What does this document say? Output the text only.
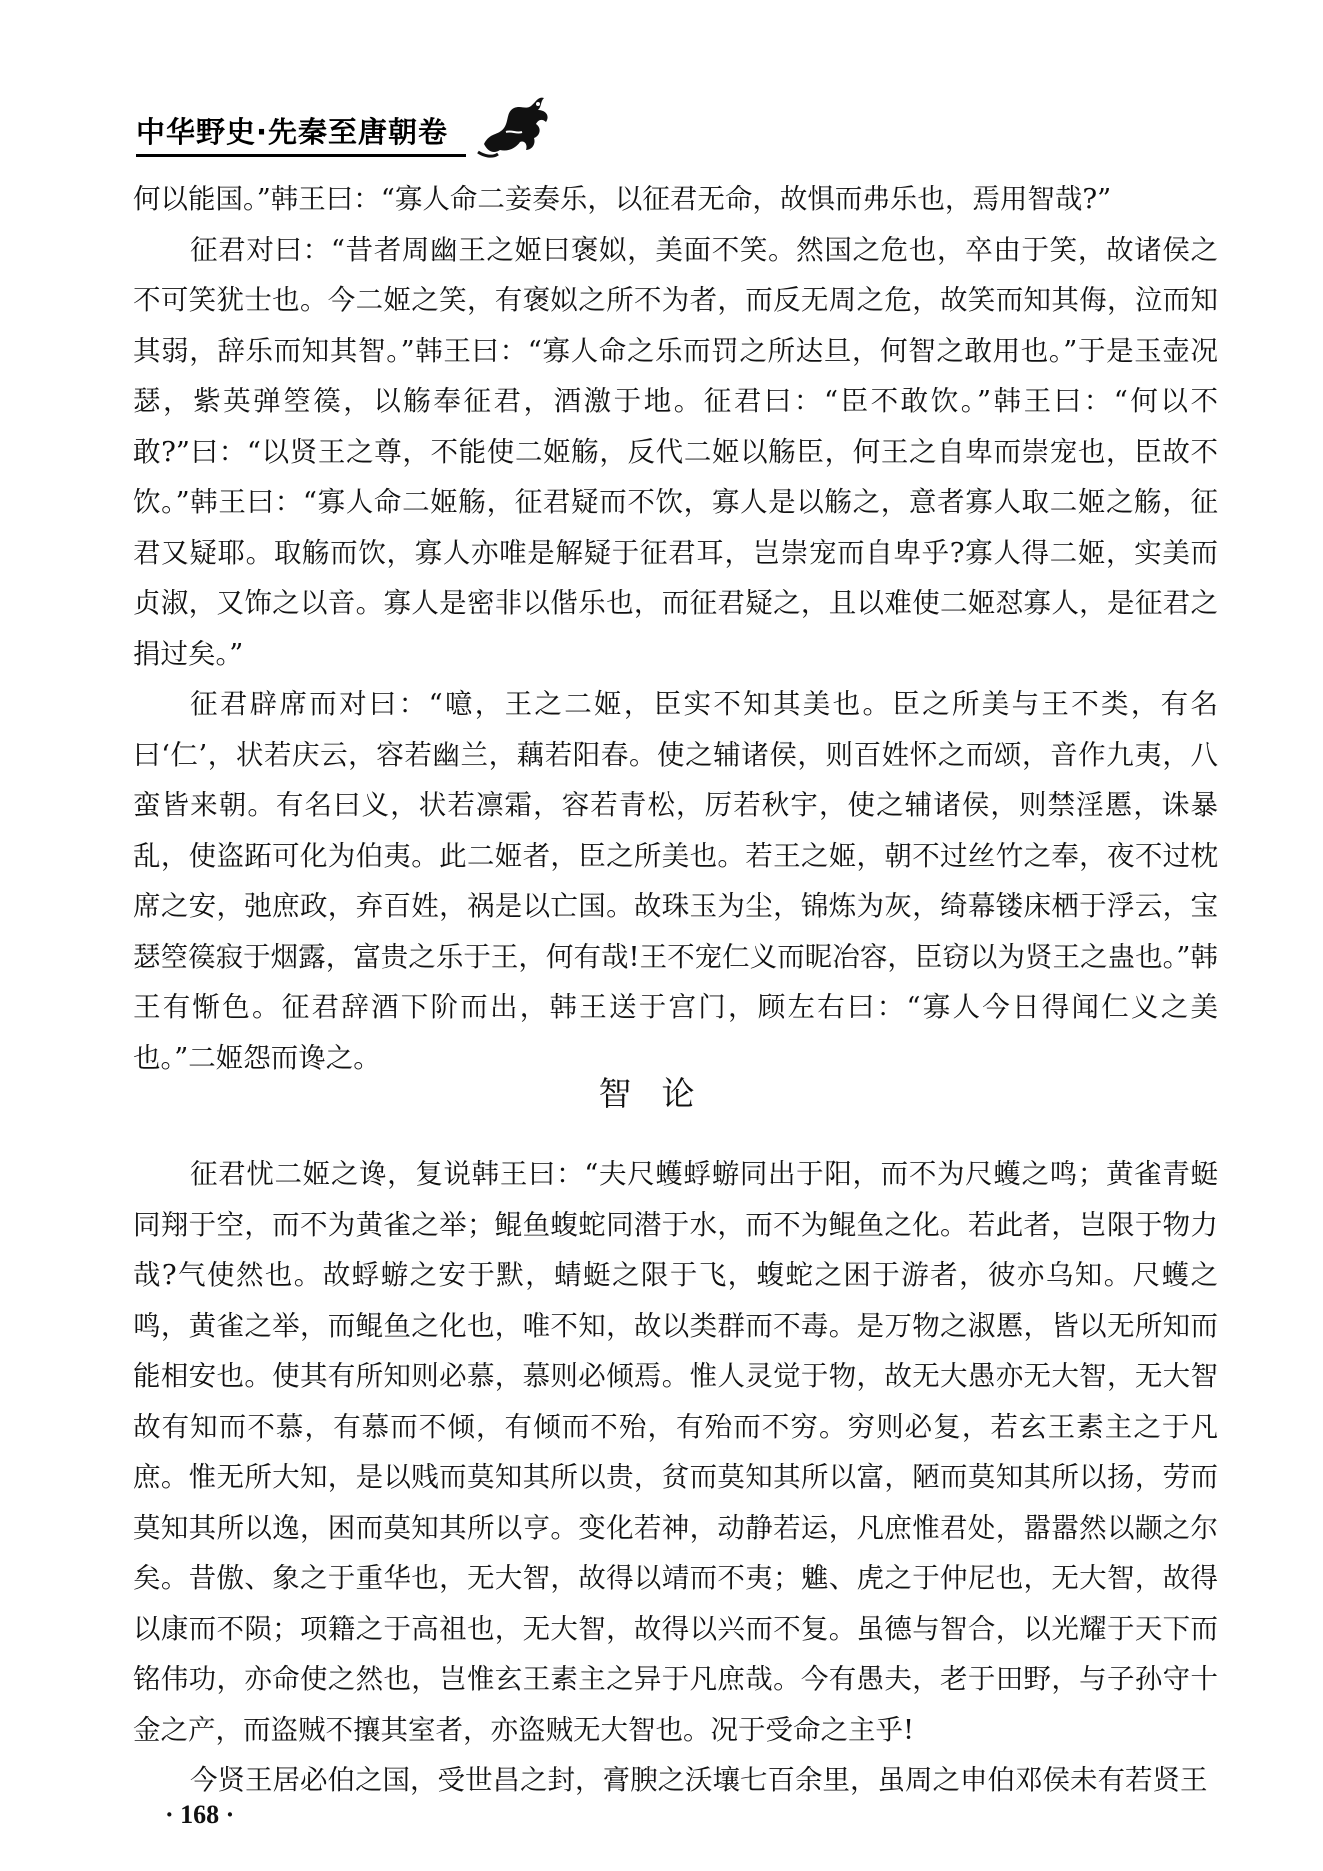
中华野史·先秦至唐朝卷

何以能国。”韩王曰：“寡人命二妾奏乐，以征君无命，故惧而弗乐也，焉用智哉?”

征君对曰：“昔者周幽王之姬曰褒姒，美面不笑。然国之危也，卒由于笑，故诸侯之不可笑犹士也。今二姬之笑，有褒姒之所不为者，而反无周之危，故笑而知其侮，泣而知其弱，辞乐而知其智。”韩王曰：“寡人命之乐而罚之所达旦，何智之敢用也。”于是玉壶况瑟，紫英弹箜篌，以觞奉征君，酒激于地。征君曰：“臣不敢饮。”韩王曰：“何以不敢?”曰：“以贤王之尊，不能使二姬觞，反代二姬以觞臣，何王之自卑而崇宠也，臣故不饮。”韩王曰：“寡人命二姬觞，征君疑而不饮，寡人是以觞之，意者寡人取二姬之觞，征君又疑耶。取觞而饮，寡人亦唯是解疑于征君耳，岂崇宠而自卑乎?寡人得二姬，实美而贞淑，又饰之以音。寡人是密非以偕乐也，而征君疑之，且以难使二姬怼寡人，是征君之捐过矣。”

征君辟席而对曰：“噫，王之二姬，臣实不知其美也。臣之所美与王不类，有名曰‘仁’，状若庆云，容若幽兰，藕若阳春。使之辅诸侯，则百姓怀之而颂，音作九夷，八蛮皆来朝。有名曰义，状若凛霜，容若青松，厉若秋宇，使之辅诸侯，则禁淫慝，诛暴乱，使盗跖可化为伯夷。此二姬者，臣之所美也。若王之姬，朝不过丝竹之奉，夜不过枕席之安，弛庶政，弃百姓，祸是以亡国。故珠玉为尘，锦炼为灰，绮幕镂床栖于浮云，宝瑟箜篌寂于烟露，富贵之乐于王，何有哉!王不宠仁义而昵冶容，臣窃以为贤王之蛊也。”韩王有惭色。征君辞酒下阶而出，韩王送于宫门，顾左右曰：“寡人今日得闻仁义之美也。”二姬怨而谗之。

智论

征君忧二姬之谗，复说韩王曰：“夫尺蠖蜉蝣同出于阳，而不为尺蠖之鸣；黄雀青蜓同翔于空，而不为黄雀之举；鲲鱼蝮蛇同潜于水，而不为鲲鱼之化。若此者，岂限于物力哉?气使然也。故蜉蝣之安于默，蜻蜓之限于飞，蝮蛇之困于游者，彼亦乌知。尺蠖之鸣，黄雀之举，而鲲鱼之化也，唯不知，故以类群而不毒。是万物之淑慝，皆以无所知而能相安也。使其有所知则必慕，慕则必倾焉。惟人灵觉于物，故无大愚亦无大智，无大智故有知而不慕，有慕而不倾，有倾而不殆，有殆而不穷。穷则必复，若玄王素主之于凡庶。惟无所大知，是以贱而莫知其所以贵，贫而莫知其所以富，陋而莫知其所以扬，劳而莫知其所以逸，困而莫知其所以亨。变化若神，动静若运，凡庶惟君处，嚣嚣然以颛之尔矣。昔傲、象之于重华也，无大智，故得以靖而不夷；魋、虎之于仲尼也，无大智，故得以康而不陨；项籍之于高祖也，无大智，故得以兴而不复。虽德与智合，以光耀于天下而铭伟功，亦命使之然也，岂惟玄王素主之异于凡庶哉。今有愚夫，老于田野，与子孙守十金之产，而盗贼不攘其室者，亦盗贼无大智也。况于受命之主乎!

今贤王居必伯之国，受世昌之封，膏腴之沃壤七百余里，虽周之申伯邓侯未有若贤王

· 168 ·
